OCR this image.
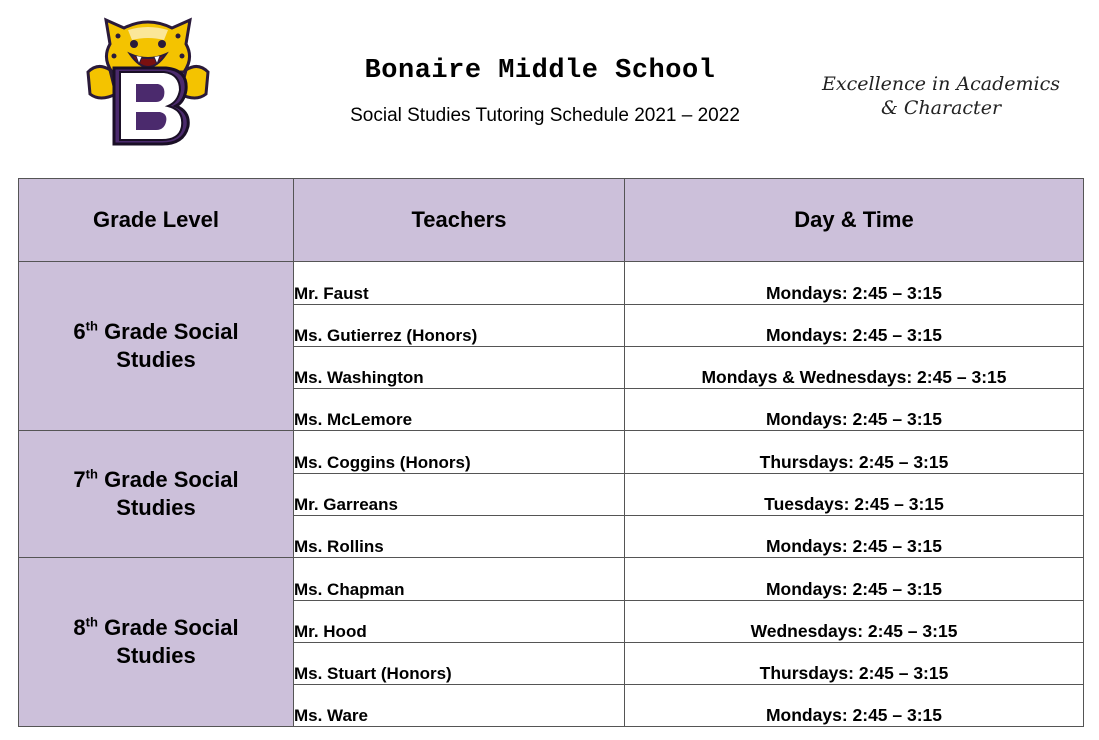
Bonaire Middle School
Social Studies Tutoring Schedule 2021 – 2022
Excellence in Academics
& Character
Grade Level	Teachers	Day & Time
6th Grade Social
Studies	Mr. Faust	Mondays: 2:45 – 3:15
	Ms. Gutierrez (Honors)	Mondays: 2:45 – 3:15
	Ms. Washington	Mondays & Wednesdays: 2:45 – 3:15
	Ms. McLemore	Mondays: 2:45 – 3:15
7th Grade Social
Studies	Ms. Coggins (Honors)	Thursdays: 2:45 – 3:15
	Mr. Garreans	Tuesdays: 2:45 – 3:15
	Ms. Rollins	Mondays: 2:45 – 3:15
8th Grade Social
Studies	Ms. Chapman	Mondays: 2:45 – 3:15
	Mr. Hood	Wednesdays: 2:45 – 3:15
	Ms. Stuart (Honors)	Thursdays: 2:45 – 3:15
	Ms. Ware	Mondays: 2:45 – 3:15
